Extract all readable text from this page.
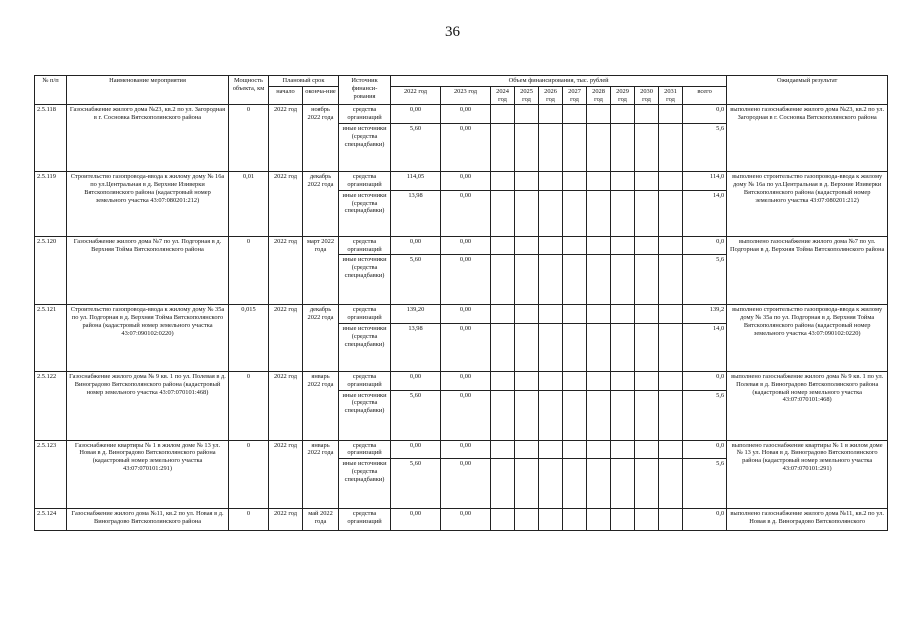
36
№ п/п	Наименование мероприятия	Мощность объекта, км	Плановый срок		Источник финанси-рования	Объем финансирования, тыс. рублей											Ожидаемый результат
			начало	оконча-ние		2022 год	2023 год	2024 год	2025 год	2026 год	2027 год	2028 год	2029 год	2030 год	2031 год	всего	
2.5.118	Газоснабжение жилого дома №23, кв.2 по ул. Загородная в г. Сосновка Вятскополянского района	0	2022 год	ноябрь 2022 года	средства организаций	0,00	0,00									0,0	выполнено газоснабжение жилого дома №23, кв.2 по ул. Загородная в г. Сосновка Вятскополянского района
					иные источники (средства спецнадбавки)	5,60	0,00									5,6	
2.5.119	Строительство газопровода-ввода к жилому дому № 16а по ул.Центральная в д. Верхние Изиверки Вятскополянского района (кадастровый номер земельного участка 43:07:080201:212)	0,01	2022 год	декабрь 2022 года	средства организаций	114,05	0,00									114,0	выполнено строительство газопровода-ввода к жилому дому № 16а по ул.Центральная в д. Верхние Изиверки Вятскополянского района (кадастровый номер земельного участка 43:07:080201:212)
					иные источники (средства спецнадбавки)	13,98	0,00									14,0	
2.5.120	Газоснабжение жилого дома №7 по ул. Подгорная в д. Верхняя Тойма Вятскополянского района	0	2022 год	март 2022 года	средства организаций	0,00	0,00									0,0	выполнено газоснабжение жилого дома №7 по ул. Подгорная в д. Верхняя Тойма Вятскополянского района
					иные источники (средства спецнадбавки)	5,60	0,00									5,6	
2.5.121	Строительство газопровода-ввода к жилому дому № 35а по ул. Подгорная в д. Верхняя Тойма Вятскополянского района (кадастровый номер земельного участка 43:07:090102:0220)	0,015	2022 год	декабрь 2022 года	средства организаций	139,20	0,00									139,2	выполнено строительство газопровода-ввода к жилому дому № 35а по ул. Подгорная в д. Верхняя Тойма Вятскополянского района (кадастровый номер земельного участка 43:07:090102:0220)
					иные источники (средства спецнадбавки)	13,98	0,00									14,0	
2.5.122	Газоснабжение жилого дома № 9 кв. 1 по ул. Полевая в д. Виноградово Вятскополянского района (кадастровый номер земельного участка 43:07:070101:468)	0	2022 год	январь 2022 года	средства организаций	0,00	0,00									0,0	выполнено газоснабжение жилого дома № 9 кв. 1 по ул. Полевая в д. Виноградово Вятскополянского района (кадастровый номер земельного участка 43:07:070101:468)
					иные источники (средства спецнадбавки)	5,60	0,00									5,6	
2.5.123	Газоснабжение квартиры № 1 в жилом доме № 13 ул. Новая в д. Виноградово Вятскополянского района (кадастровый номер земельного участка 43:07:070101:291)	0	2022 год	январь 2022 года	средства организаций	0,00	0,00									0,0	выполнено газоснабжение квартиры № 1 в жилом доме № 13 ул. Новая в д. Виноградово Вятскополянского района (кадастровый номер земельного участка 43:07:070101:291)
					иные источники (средства спецнадбавки)	5,60	0,00									5,6	
2.5.124	Газоснабжение жилого дома №11, кв.2 по ул. Новая в д. Виноградово Вятскополянского района	0	2022 год	май 2022 года	средства организаций	0,00	0,00									0,0	выполнено газоснабжение жилого дома №11, кв.2 по ул. Новая в д. Виноградово Вятскополянского
